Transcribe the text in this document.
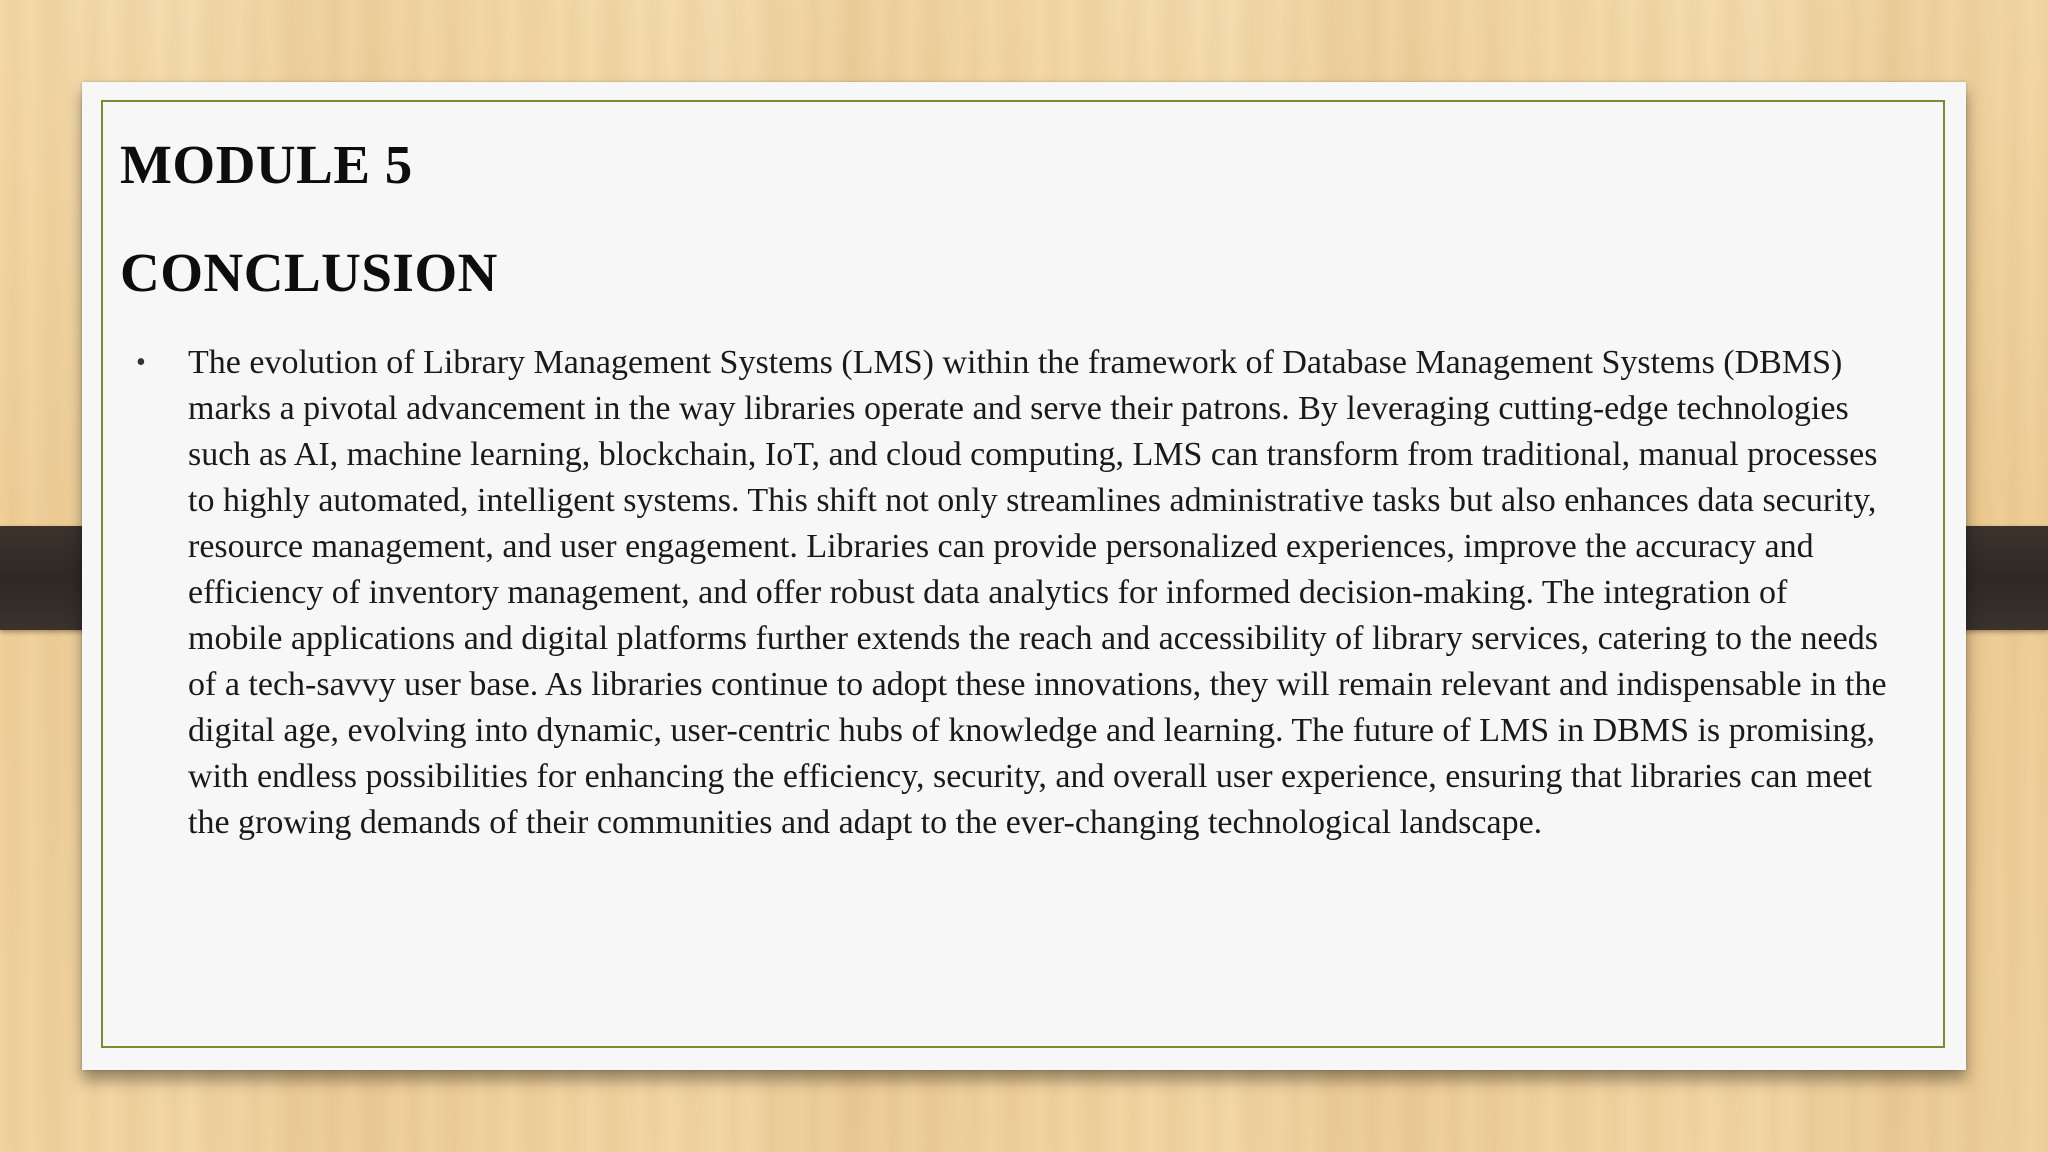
MODULE 5
CONCLUSION
• The evolution of Library Management Systems (LMS) within the framework of Database Management Systems (DBMS) marks a pivotal advancement in the way libraries operate and serve their patrons. By leveraging cutting-edge technologies such as AI, machine learning, blockchain, IoT, and cloud computing, LMS can transform from traditional, manual processes to highly automated, intelligent systems. This shift not only streamlines administrative tasks but also enhances data security, resource management, and user engagement. Libraries can provide personalized experiences, improve the accuracy and efficiency of inventory management, and offer robust data analytics for informed decision-making. The integration of mobile applications and digital platforms further extends the reach and accessibility of library services, catering to the needs of a tech-savvy user base. As libraries continue to adopt these innovations, they will remain relevant and indispensable in the digital age, evolving into dynamic, user-centric hubs of knowledge and learning. The future of LMS in DBMS is promising, with endless possibilities for enhancing the efficiency, security, and overall user experience, ensuring that libraries can meet the growing demands of their communities and adapt to the ever-changing technological landscape.
